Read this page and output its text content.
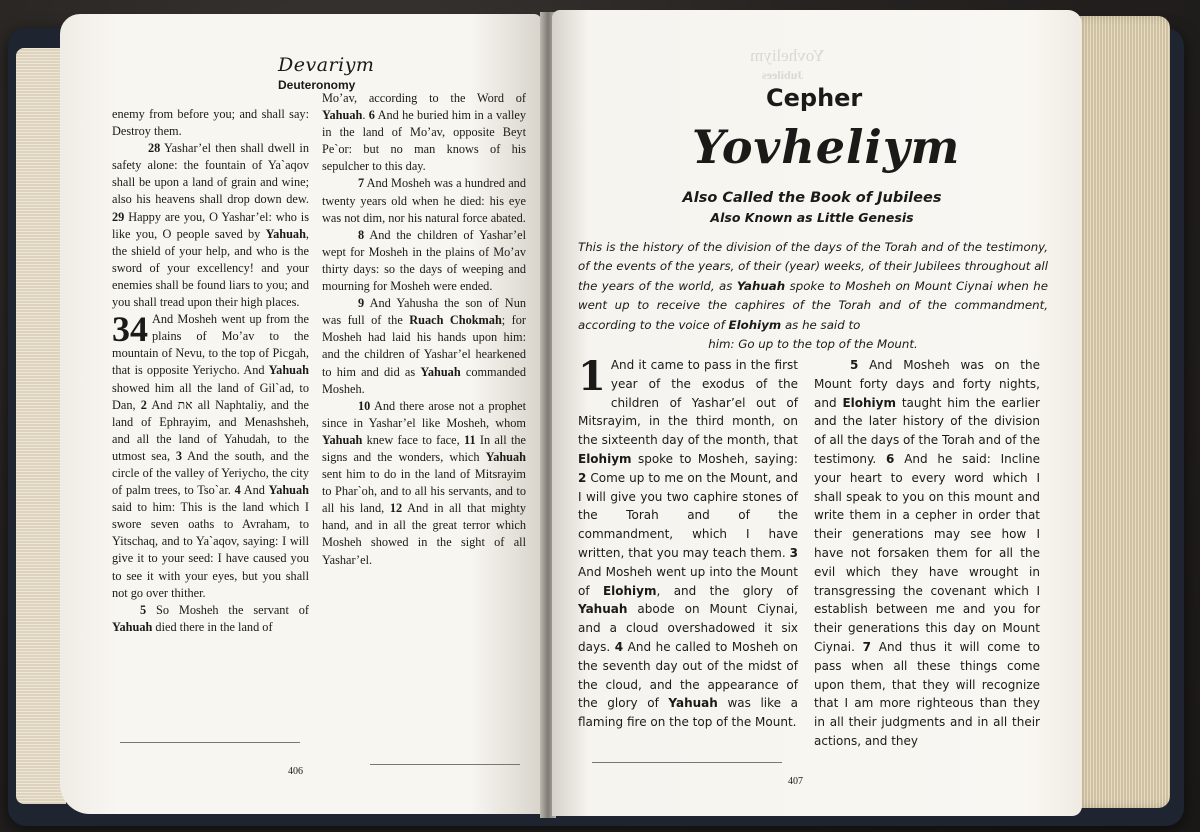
Devariym
Deuteronomy

enemy from before you; and shall say: Destroy them.

28 Yashar’el then shall dwell in safety alone: the fountain of Ya`aqov shall be upon a land of grain and wine; also his heavens shall drop down dew. 29 Happy are you, O Yashar’el: who is like you, O people saved by Yahuah, the shield of your help, and who is the sword of your excellency! and your enemies shall be found liars to you; and you shall tread upon their high places.

34 And Mosheh went up from the plains of Mo’av to the mountain of Nevu, to the top of Picgah, that is opposite Yeriycho. And Yahuah showed him all the land of Gil`ad, to Dan, 2 And את all Naphtaliy, and the land of Ephrayim, and Menashsheh, and all the land of Yahudah, to the utmost sea, 3 And the south, and the circle of the valley of Yeriycho, the city of palm trees, to Tso`ar. 4 And Yahuah said to him: This is the land which I swore seven oaths to Avraham, to Yitschaq, and to Ya`aqov, saying: I will give it to your seed: I have caused you to see it with your eyes, but you shall not go over thither.

5 So Mosheh the servant of Yahuah died there in the land of

Mo’av, according to the Word of Yahuah. 6 And he buried him in a valley in the land of Mo’av, opposite Beyt Pe`or: but no man knows of his sepulcher to this day.

7 And Mosheh was a hundred and twenty years old when he died: his eye was not dim, nor his natural force abated.

8 And the children of Yashar’el wept for Mosheh in the plains of Mo’av thirty days: so the days of weeping and mourning for Mosheh were ended.

9 And Yahusha the son of Nun was full of the Ruach Chokmah; for Mosheh had laid his hands upon him: and the children of Yashar’el hearkened to him and did as Yahuah commanded Mosheh.

10 And there arose not a prophet since in Yashar’el like Mosheh, whom Yahuah knew face to face, 11 In all the signs and the wonders, which Yahuah sent him to do in the land of Mitsrayim to Phar`oh, and to all his servants, and to all his land, 12 And in all that mighty hand, and in all the great terror which Mosheh showed in the sight of all Yashar’el.

406
Yovheliym
Jubilees
Cepher
Yovheliym
Also Called the Book of Jubilees
Also Known as Little Genesis
This is the history of the division of the days of the Torah and of the testimony, of the events of the years, of their (year) weeks, of their Jubilees throughout all the years of the world, as Yahuah spoke to Mosheh on Mount Ciynai when he went up to receive the caphires of the Torah and of the commandment, according to the voice of Elohiym as he said to
him: Go up to the top of the Mount.

1 And it came to pass in the first year of the exodus of the children of Yashar’el out of Mitsrayim, in the third month, on the sixteenth day of the month, that Elohiym spoke to Mosheh, saying: 2 Come up to me on the Mount, and I will give you two caphire stones of the Torah and of the commandment, which I have written, that you may teach them. 3 And Mosheh went up into the Mount of Elohiym, and the glory of Yahuah abode on Mount Ciynai, and a cloud overshadowed it six days. 4 And he called to Mosheh on the seventh day out of the midst of the cloud, and the appearance of the glory of Yahuah was like a flaming fire on the top of the Mount.

5 And Mosheh was on the Mount forty days and forty nights, and Elohiym taught him the earlier and the later history of the division of all the days of the Torah and of the testimony. 6 And he said: Incline your heart to every word which I shall speak to you on this mount and write them in a cepher in order that their generations may see how I have not forsaken them for all the evil which they have wrought in transgressing the covenant which I establish between me and you for their generations this day on Mount Ciynai. 7 And thus it will come to pass when all these things come upon them, that they will recognize that I am more righteous than they in all their judgments and in all their actions, and they

407
